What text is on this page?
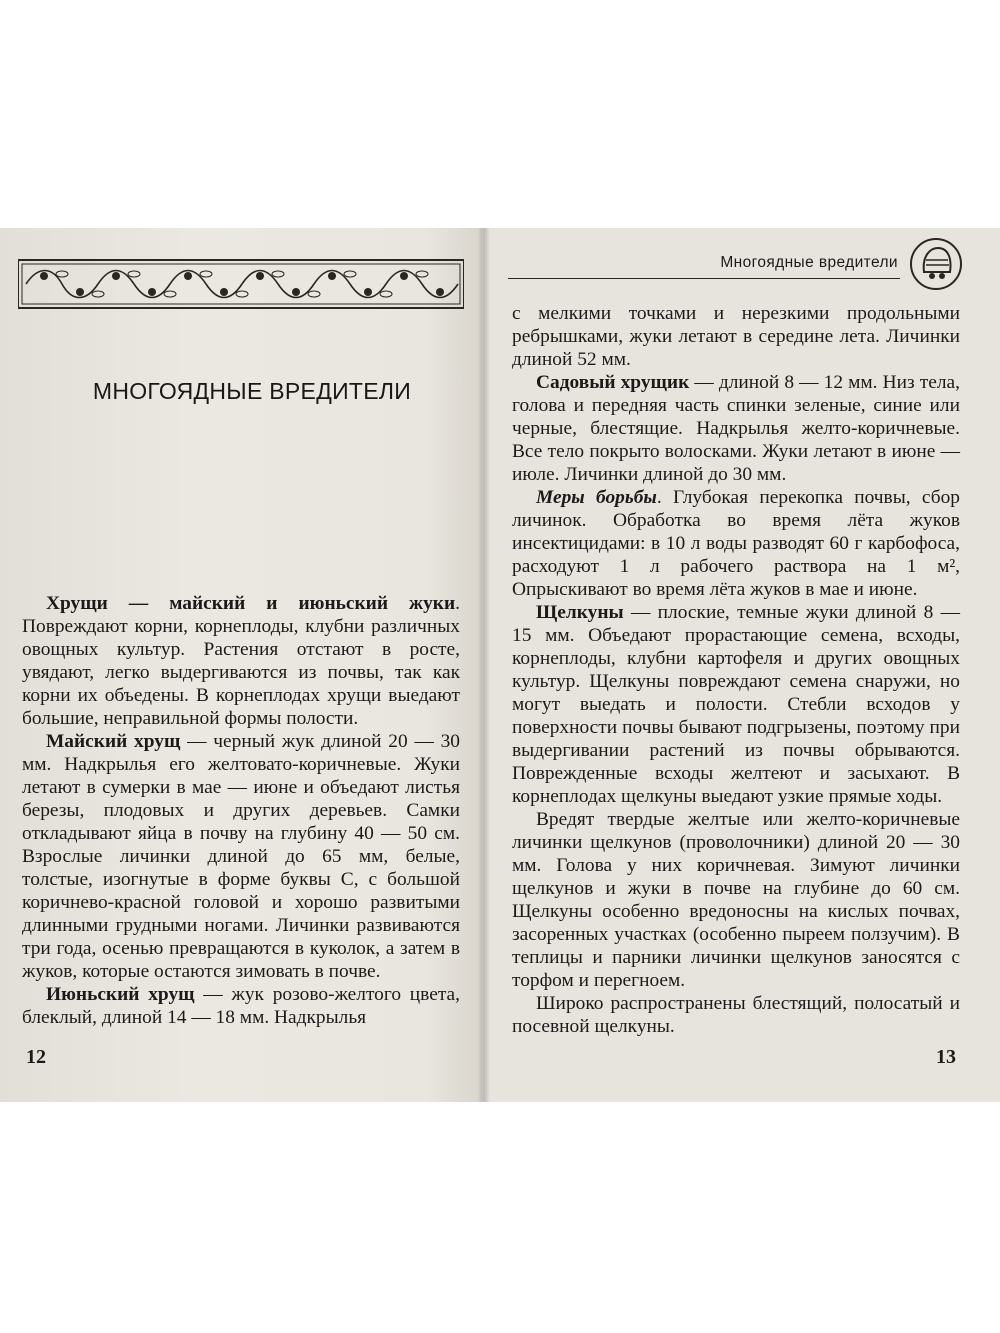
МНОГОЯДНЫЕ ВРЕДИТЕЛИ

Хрущи — майский и июньский жуки. Повреждают корни, корнеплоды, клубни различных овощных культур. Растения отстают в росте, увядают, легко выдергиваются из почвы, так как корни их объедены. В корнеплодах хрущи выедают большие, неправильной формы полости.

Майский хрущ — черный жук длиной 20 — 30 мм. Надкрылья его желтовато-коричневые. Жуки летают в сумерки в мае — июне и объедают листья березы, плодовых и других деревьев. Самки откладывают яйца в почву на глубину 40 — 50 см. Взрослые личинки длиной до 65 мм, белые, толстые, изогнутые в форме буквы С, с большой коричнево-красной головой и хорошо развитыми длинными грудными ногами. Личинки развиваются три года, осенью превращаются в куколок, а затем в жуков, которые остаются зимовать в почве.

Июньский хрущ — жук розово-желтого цвета, блеклый, длиной 14 — 18 мм. Надкрылья

12
Многоядные вредители

с мелкими точками и нерезкими продольными ребрышками, жуки летают в середине лета. Личинки длиной 52 мм.

Садовый хрущик — длиной 8 — 12 мм. Низ тела, голова и передняя часть спинки зеленые, синие или черные, блестящие. Надкрылья желто-коричневые. Все тело покрыто волосками. Жуки летают в июне — июле. Личинки длиной до 30 мм.

Меры борьбы. Глубокая перекопка почвы, сбор личинок. Обработка во время лёта жуков инсектицидами: в 10 л воды разводят 60 г карбофоса, расходуют 1 л рабочего раствора на 1 м², Опрыскивают во время лёта жуков в мае и июне.

Щелкуны — плоские, темные жуки длиной 8 — 15 мм. Объедают прорастающие семена, всходы, корнеплоды, клубни картофеля и других овощных культур. Щелкуны повреждают семена снаружи, но могут выедать и полости. Стебли всходов у поверхности почвы бывают подгрызены, поэтому при выдергивании растений из почвы обрываются. Поврежденные всходы желтеют и засыхают. В корнеплодах щелкуны выедают узкие прямые ходы.

Вредят твердые желтые или желто-коричневые личинки щелкунов (проволочники) длиной 20 — 30 мм. Голова у них коричневая. Зимуют личинки щелкунов и жуки в почве на глубине до 60 см. Щелкуны особенно вредоносны на кислых почвах, засоренных участках (особенно пыреем ползучим). В теплицы и парники личинки щелкунов заносятся с торфом и перегноем.

Широко распространены блестящий, полосатый и посевной щелкуны.

13
